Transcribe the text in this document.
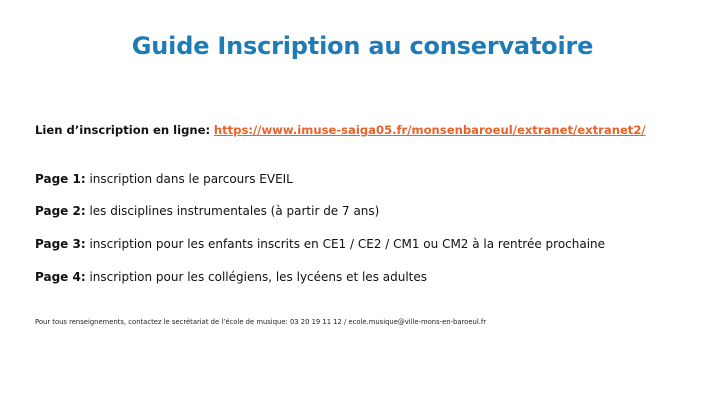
Guide Inscription au conservatoire
Lien d’inscription en ligne: https://www.imuse-saiga05.fr/monsenbaroeul/extranet/extranet2/
Page 1: inscription dans le parcours EVEIL
Page 2: les disciplines instrumentales (à partir de 7 ans)
Page 3: inscription pour les enfants inscrits en CE1 / CE2 / CM1 ou CM2 à la rentrée prochaine
Page 4: inscription pour les collégiens, les lycéens et les adultes
Pour tous renseignements, contactez le secrétariat de l’école de musique: 03 20 19 11 12 / ecole.musique@ville-mons-en-baroeul.fr
